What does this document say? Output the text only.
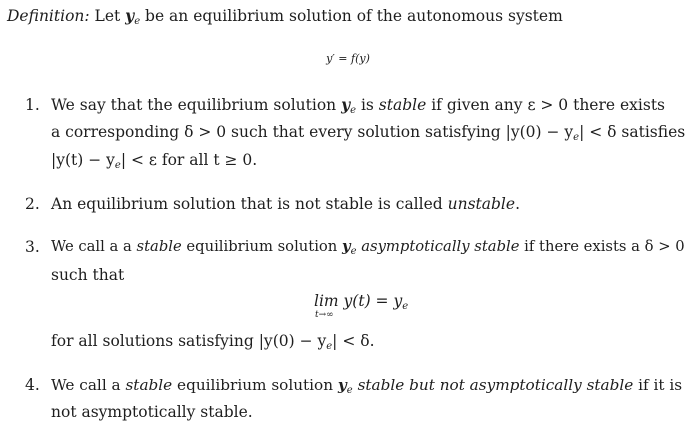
Definition: Let $y_e$ be an equilibrium solution of the autonomous system
y′ = f(y)
1. We say that the equilibrium solution $y_e$ is stable if given any ε > 0 there exists
a corresponding δ > 0 such that every solution satisfying $|y(0) - y_e| < \delta$ satisfies
$|y(t) - y_e| < \varepsilon$ for all t ≥ 0.
2. An equilibrium solution that is not stable is called unstable.
3. We call a a stable equilibrium solution $y_e$ asymptotically stable if there exists a δ > 0
such that
$\lim y(t) = y_e$
t→∞
for all solutions satisfying $|y(0) - y_e| < \delta$.
4. We call a stable equilibrium solution $y_e$ stable but not asymptotically stable if it is
not asymptotically stable.
